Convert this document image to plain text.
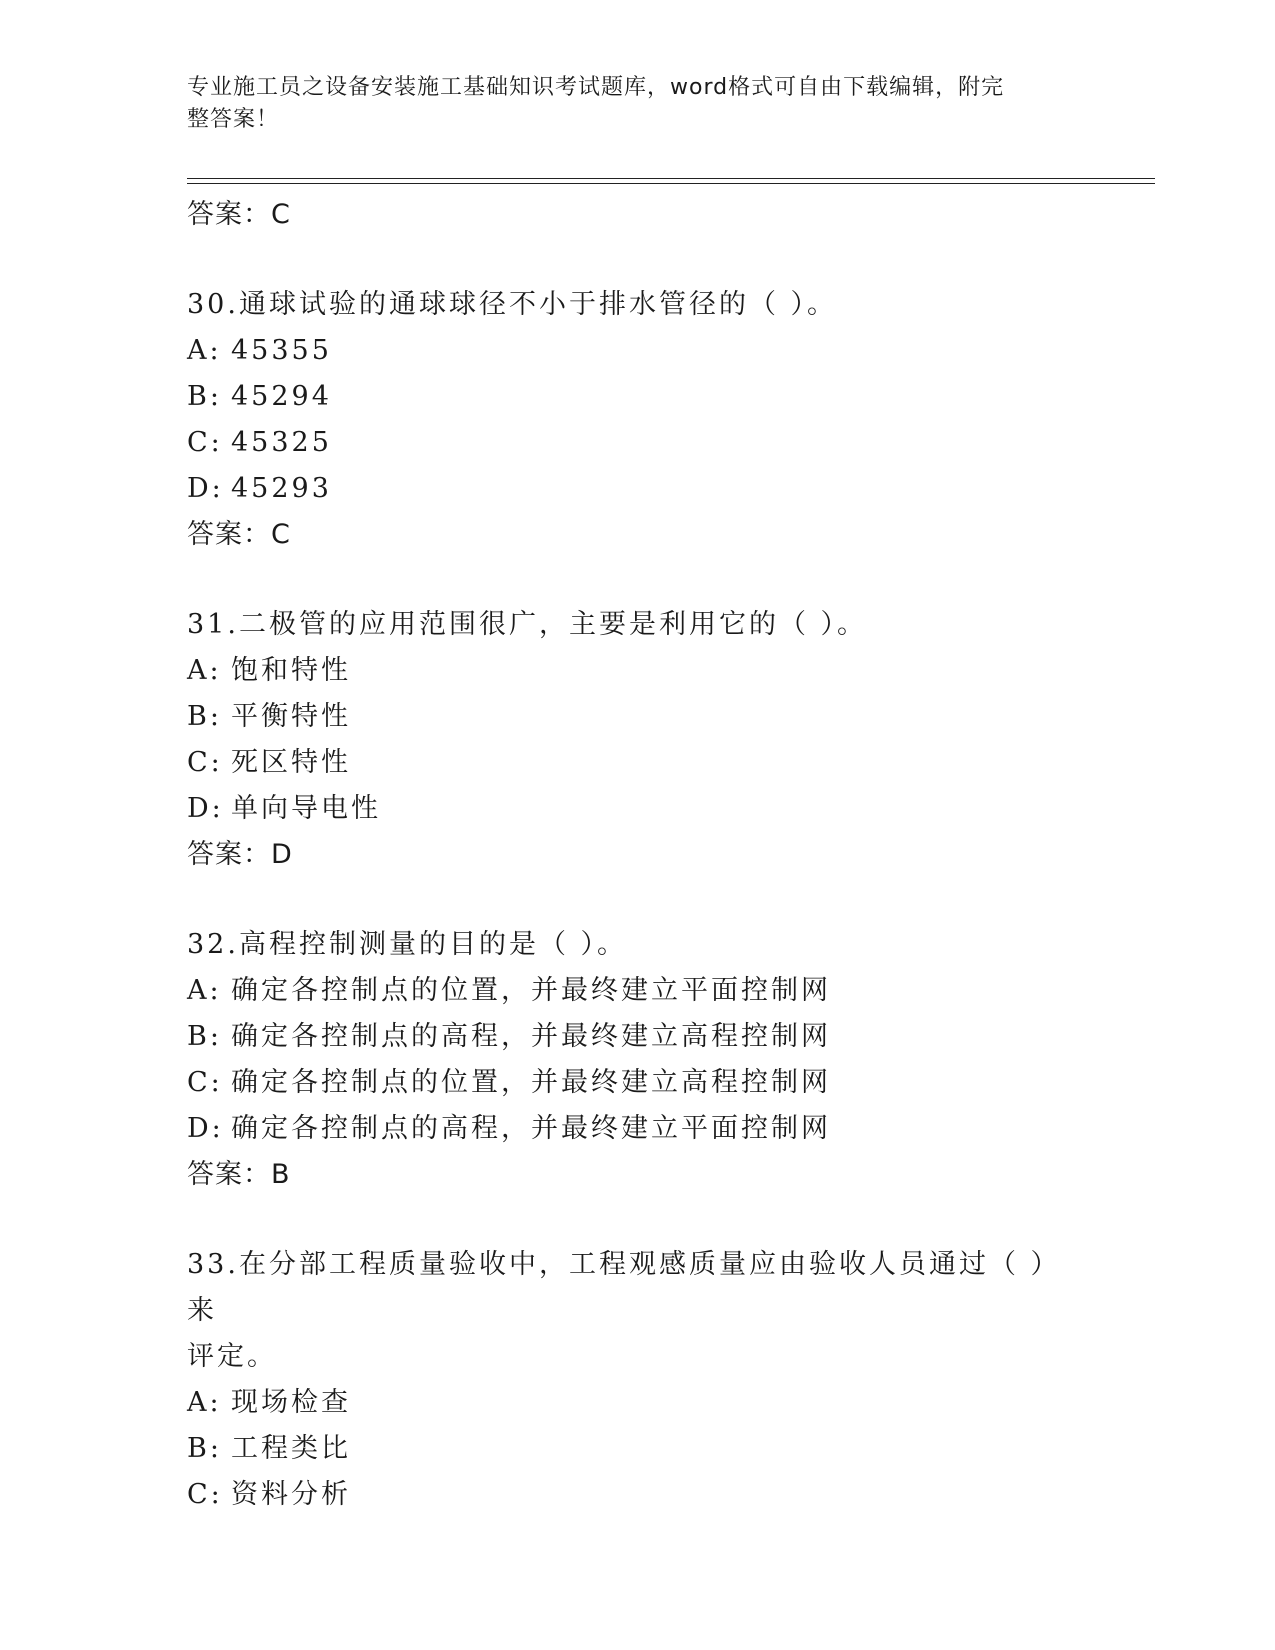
专业施工员之设备安装施工基础知识考试题库，word格式可自由下载编辑，附完
整答案！
答案：C
30.通球试验的通球球径不小于排水管径的（ ）。
A: 45355
B: 45294
C: 45325
D: 45293
答案：C
31.二极管的应用范围很广，主要是利用它的（ ）。
A: 饱和特性
B: 平衡特性
C: 死区特性
D: 单向导电性
答案：D
32.高程控制测量的目的是（ ）。
A: 确定各控制点的位置，并最终建立平面控制网
B: 确定各控制点的高程，并最终建立高程控制网
C: 确定各控制点的位置，并最终建立高程控制网
D: 确定各控制点的高程，并最终建立平面控制网
答案：B
33.在分部工程质量验收中，工程观感质量应由验收人员通过（ ）来
评定。
A: 现场检查
B: 工程类比
C: 资料分析
